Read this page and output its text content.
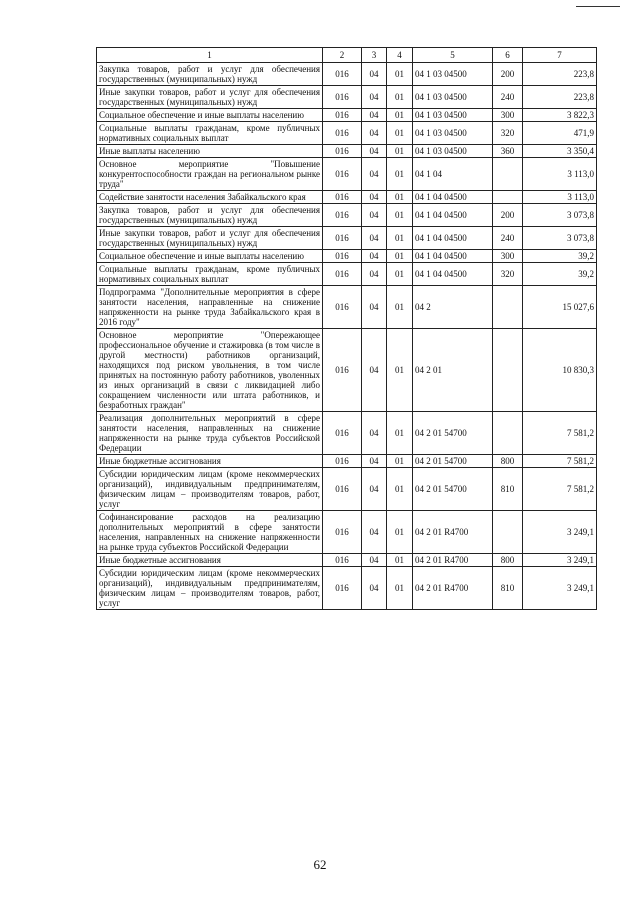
1	2	3	4	5	6	7
Закупка товаров, работ и услуг для обеспечения государственных (муниципальных) нужд	016	04	01	04 1 03 04500	200	223,8
Иные закупки товаров, работ и услуг для обеспечения государственных (муниципальных) нужд	016	04	01	04 1 03 04500	240	223,8
Социальное обеспечение и иные выплаты населению	016	04	01	04 1 03 04500	300	3 822,3
Социальные выплаты гражданам, кроме публичных нормативных социальных выплат	016	04	01	04 1 03 04500	320	471,9
Иные выплаты населению	016	04	01	04 1 03 04500	360	3 350,4
Основное мероприятие "Повышение конкурентоспособности граждан на региональном рынке труда"	016	04	01	04 1 04		3 113,0
Содействие занятости населения Забайкальского края	016	04	01	04 1 04 04500		3 113,0
Закупка товаров, работ и услуг для обеспечения государственных (муниципальных) нужд	016	04	01	04 1 04 04500	200	3 073,8
Иные закупки товаров, работ и услуг для обеспечения государственных (муниципальных) нужд	016	04	01	04 1 04 04500	240	3 073,8
Социальное обеспечение и иные выплаты населению	016	04	01	04 1 04 04500	300	39,2
Социальные выплаты гражданам, кроме публичных нормативных социальных выплат	016	04	01	04 1 04 04500	320	39,2
Подпрограмма "Дополнительные мероприятия в сфере занятости населения, направленные на снижение напряженности на рынке труда Забайкальского края в 2016 году"	016	04	01	04 2		15 027,6
Основное мероприятие "Опережающее профессиональное обучение и стажировка (в том числе в другой местности) работников организаций, находящихся под риском увольнения, в том числе принятых на постоянную работу работников, уволенных из иных организаций в связи с ликвидацией либо сокращением численности или штата работников, и безработных граждан"	016	04	01	04 2 01		10 830,3
Реализация дополнительных мероприятий в сфере занятости населения, направленных на снижение напряженности на рынке труда субъектов Российской Федерации	016	04	01	04 2 01 54700		7 581,2
Иные бюджетные ассигнования	016	04	01	04 2 01 54700	800	7 581,2
Субсидии юридическим лицам (кроме некоммерческих организаций), индивидуальным предпринимателям, физическим лицам – производителям товаров, работ, услуг	016	04	01	04 2 01 54700	810	7 581,2
Софинансирование расходов на реализацию дополнительных мероприятий в сфере занятости населения, направленных на снижение напряженности на рынке труда субъектов Российской Федерации	016	04	01	04 2 01 R4700		3 249,1
Иные бюджетные ассигнования	016	04	01	04 2 01 R4700	800	3 249,1
Субсидии юридическим лицам (кроме некоммерческих организаций), индивидуальным предпринимателям, физическим лицам – производителям товаров, работ, услуг	016	04	01	04 2 01 R4700	810	3 249,1
62
